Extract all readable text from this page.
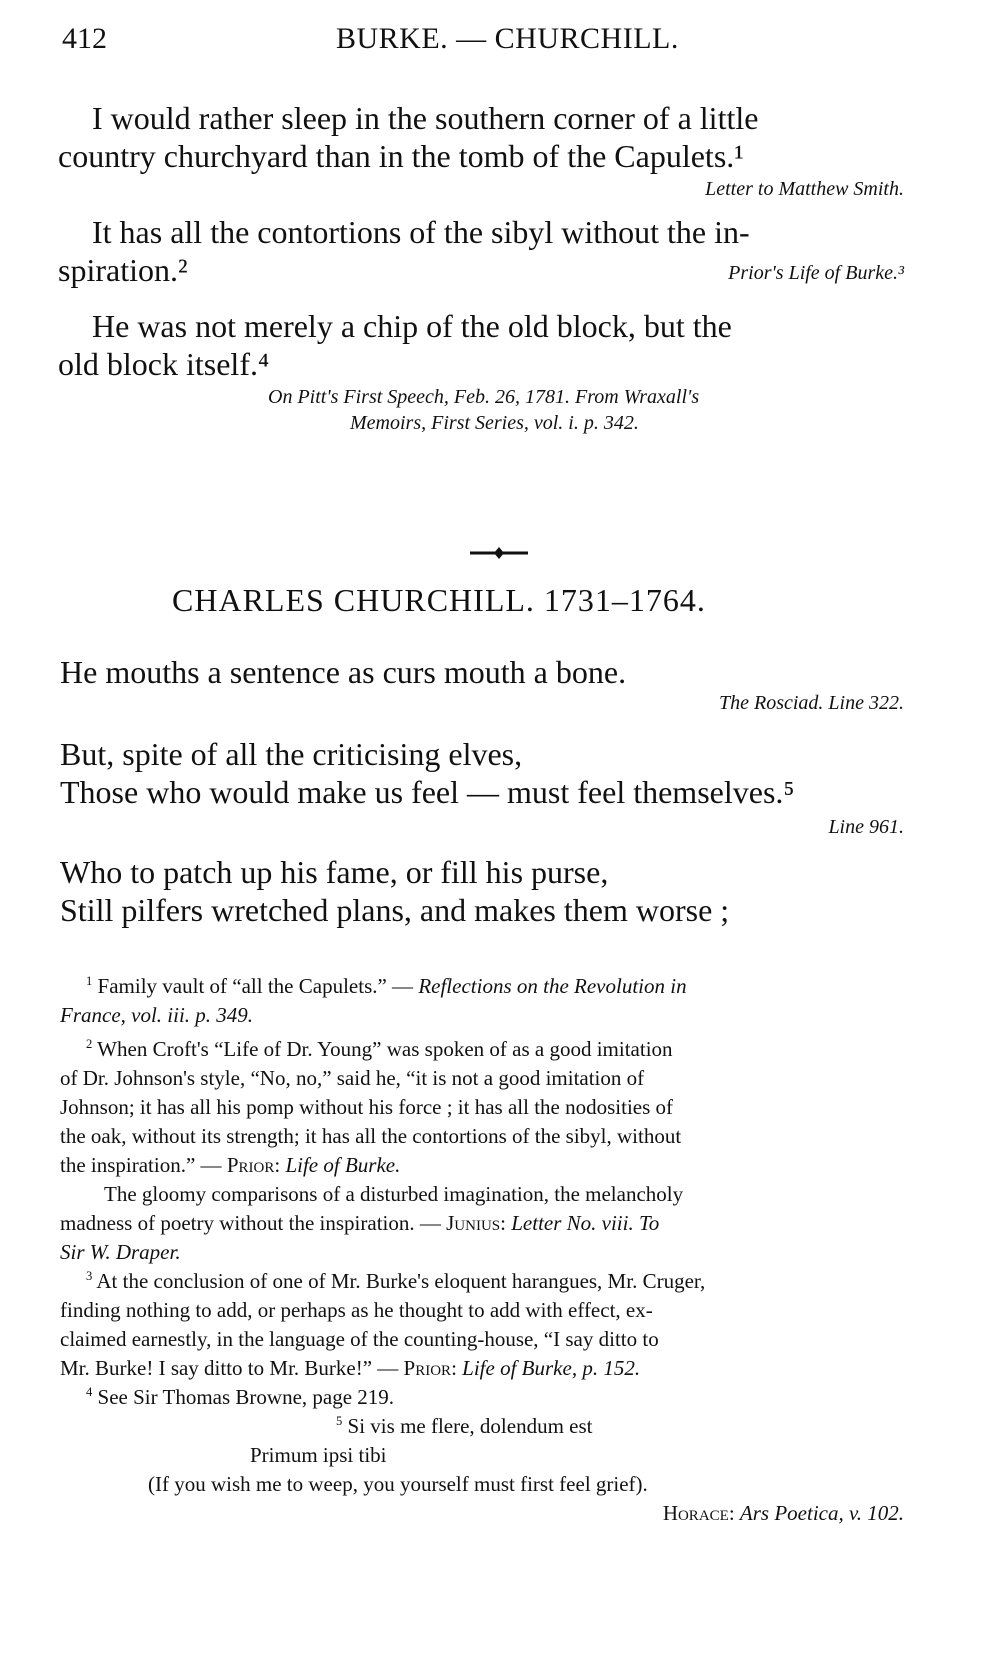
412	BURKE. — CHURCHILL.
I would rather sleep in the southern corner of a little
country churchyard than in the tomb of the Capulets.¹
Letter to Matthew Smith.
It has all the contortions of the sibyl without the in-
spiration.²	Prior's Life of Burke.³
He was not merely a chip of the old block, but the
old block itself.⁴
On Pitt's First Speech, Feb. 26, 1781. From Wraxall's
Memoirs, First Series, vol. i. p. 342.
CHARLES CHURCHILL. 1731–1764.
He mouths a sentence as curs mouth a bone.
The Rosciad. Line 322.
But, spite of all the criticising elves,
Those who would make us feel — must feel themselves.⁵
Line 961.
Who to patch up his fame, or fill his purse,
Still pilfers wretched plans, and makes them worse ;
$^1$ Family vault of “all the Capulets.” — Reflections on the Revolution in
France, vol. iii. p. 349.
$^2$ When Croft's “Life of Dr. Young” was spoken of as a good imitation
of Dr. Johnson's style, “No, no,” said he, “it is not a good imitation of
Johnson; it has all his pomp without his force ; it has all the nodosities of
the oak, without its strength; it has all the contortions of the sibyl, without
the inspiration.” — Prior: Life of Burke.
The gloomy comparisons of a disturbed imagination, the melancholy
madness of poetry without the inspiration. — Junius: Letter No. viii. To
Sir W. Draper.
$^3$ At the conclusion of one of Mr. Burke's eloquent harangues, Mr. Cruger,
finding nothing to add, or perhaps as he thought to add with effect, ex-
claimed earnestly, in the language of the counting-house, “I say ditto to
Mr. Burke! I say ditto to Mr. Burke!” — Prior: Life of Burke, p. 152.
$^4$ See Sir Thomas Browne, page 219.
$^5$ Si vis me flere, dolendum est
Primum ipsi tibi
(If you wish me to weep, you yourself must first feel grief).
Horace: Ars Poetica, v. 102.
